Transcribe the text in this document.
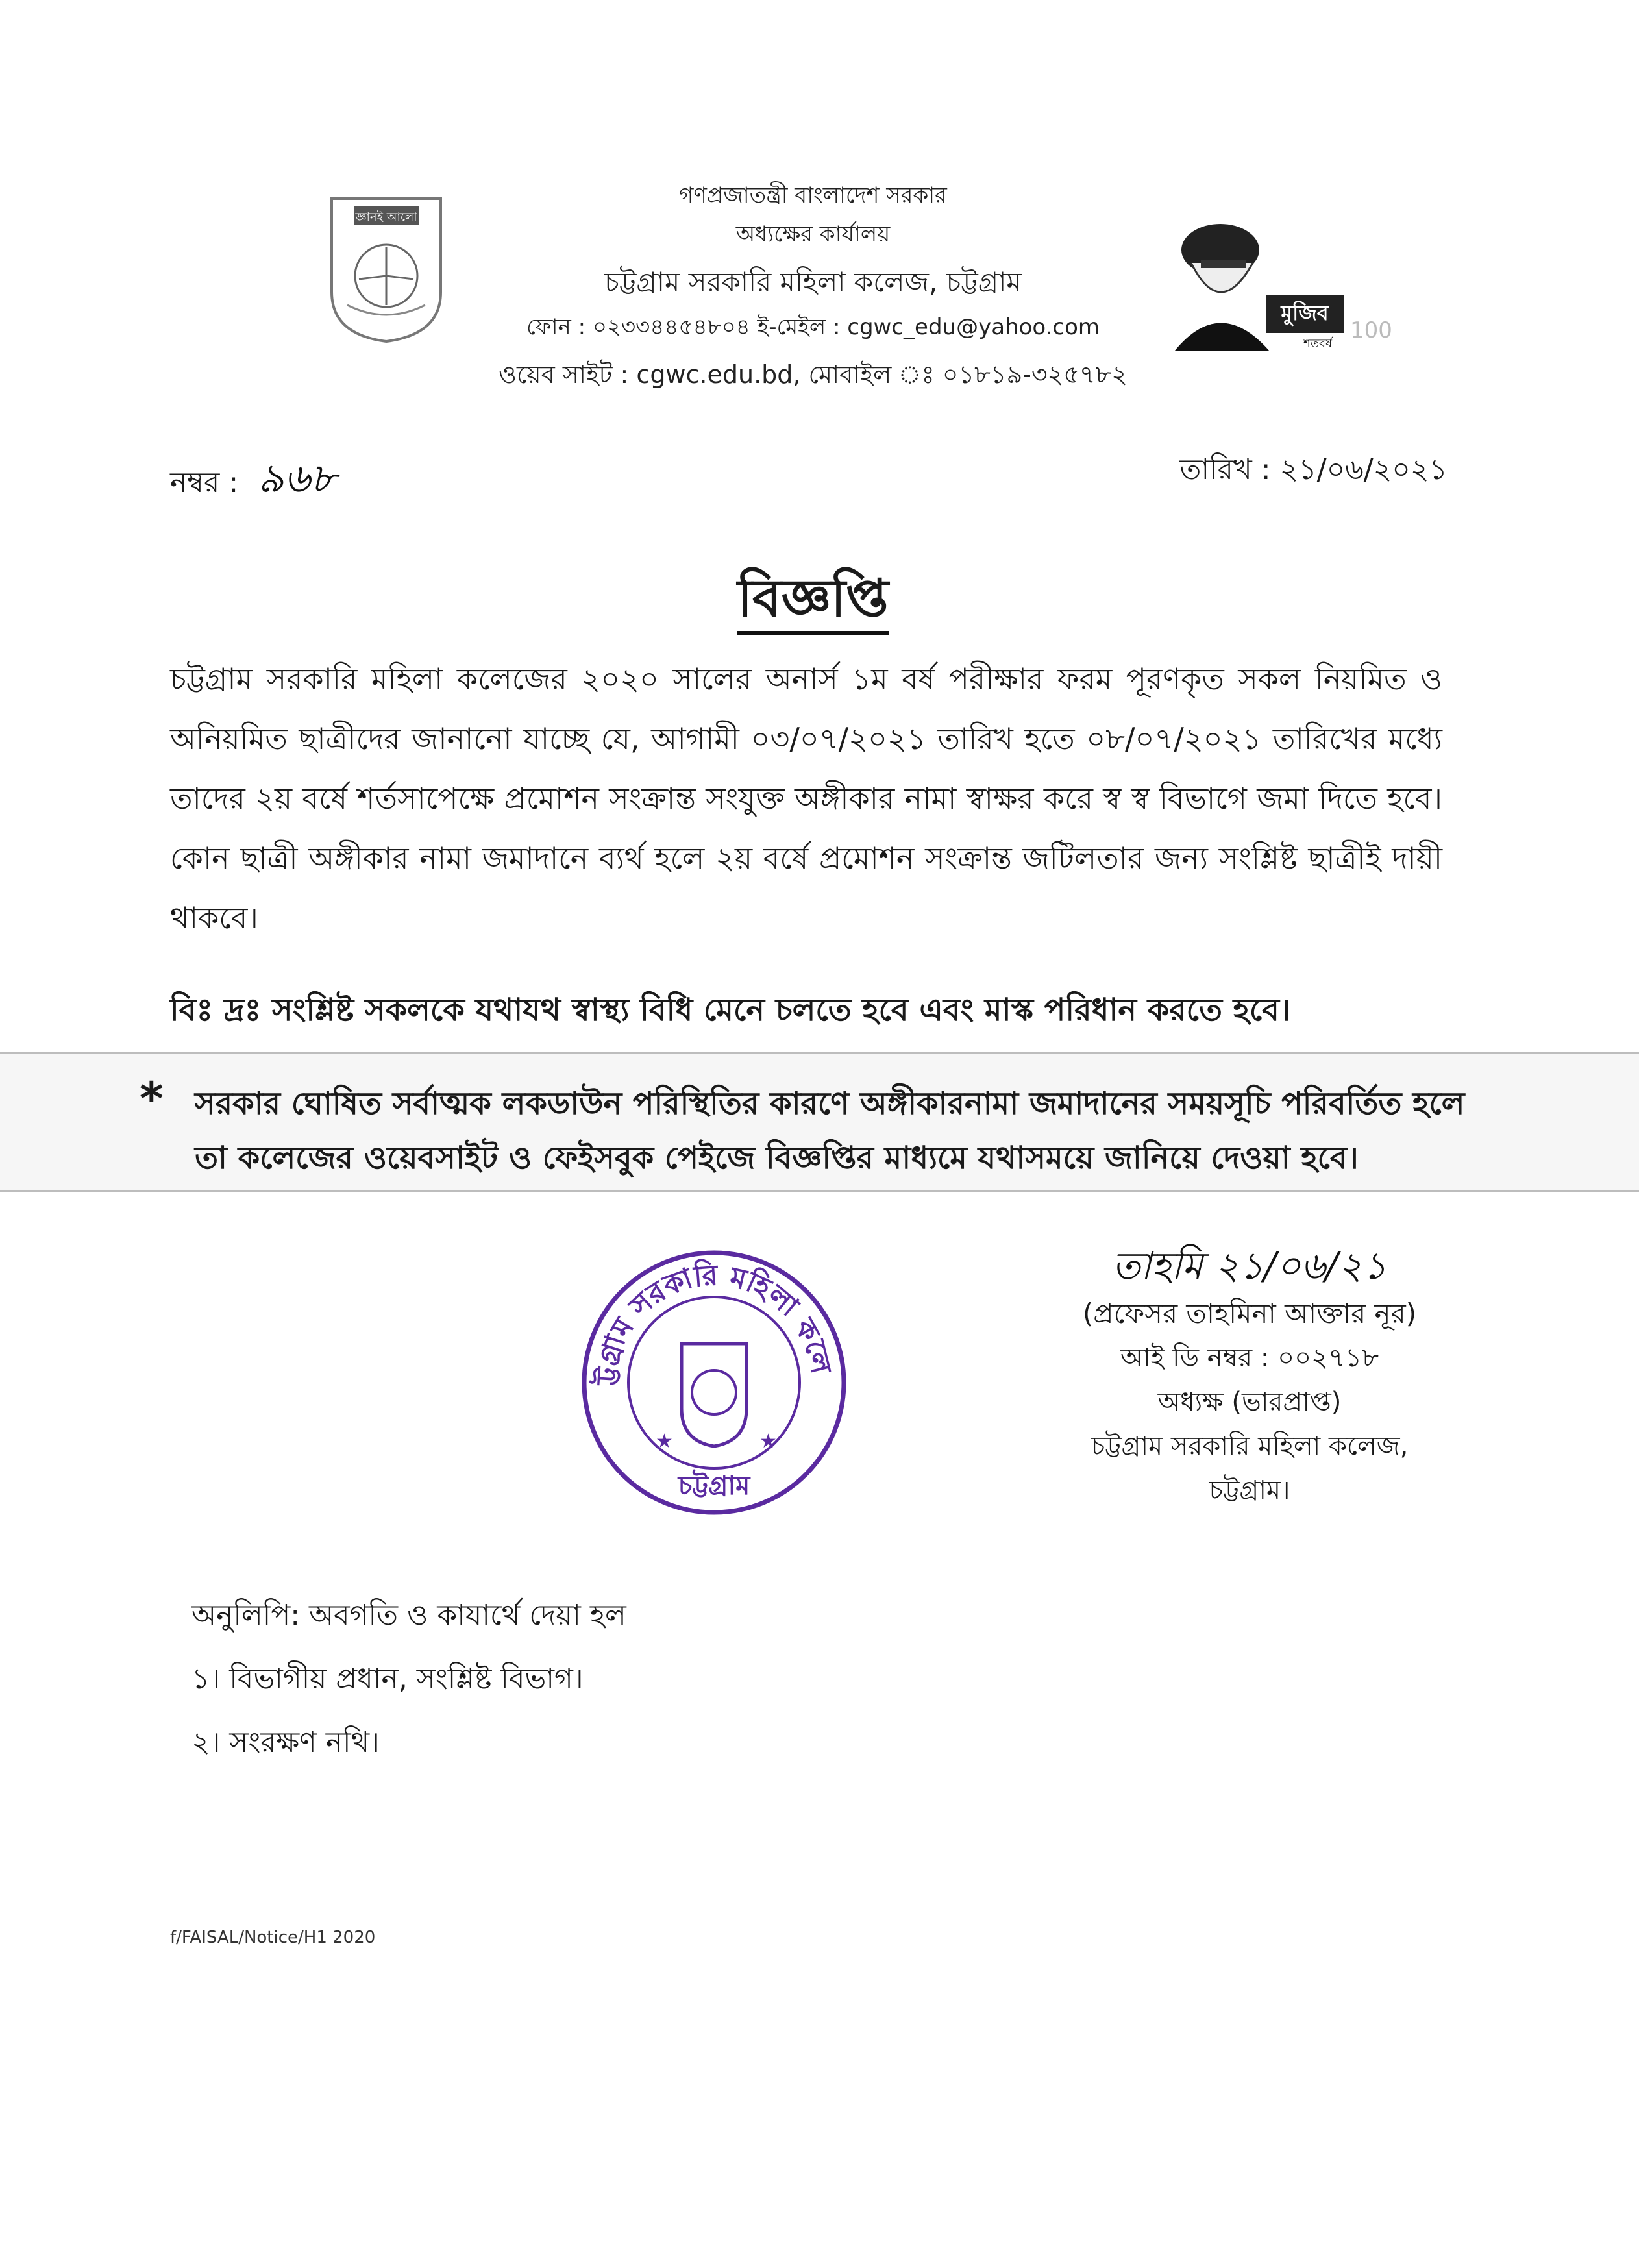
জ্ঞানই আলো
গণপ্রজাতন্ত্রী বাংলাদেশ সরকার
অধ্যক্ষের কার্যালয়
চট্টগ্রাম সরকারি মহিলা কলেজ, চট্টগ্রাম
ফোন : ০২৩৩৪৪৫৪৮০৪ ই-মেইল : cgwc_edu@yahoo.com
ওয়েব সাইট : cgwc.edu.bd, মোবাইল ঃ ০১৮১৯-৩২৫৭৮২
মুজিব
শতবর্ষ
100
নম্বর : ৯৬৮	তারিখ : ২১/০৬/২০২১
বিজ্ঞপ্তি
চট্টগ্রাম সরকারি মহিলা কলেজের ২০২০ সালের অনার্স ১ম বর্ষ পরীক্ষার ফরম পূরণকৃত সকল নিয়মিত ও অনিয়মিত ছাত্রীদের জানানো যাচ্ছে যে, আগামী ০৩/০৭/২০২১ তারিখ হতে ০৮/০৭/২০২১ তারিখের মধ্যে তাদের ২য় বর্ষে শর্তসাপেক্ষে প্রমোশন সংক্রান্ত সংযুক্ত অঙ্গীকার নামা স্বাক্ষর করে স্ব স্ব বিভাগে জমা দিতে হবে। কোন ছাত্রী অঙ্গীকার নামা জমাদানে ব্যর্থ হলে ২য় বর্ষে প্রমোশন সংক্রান্ত জটিলতার জন্য সংশ্লিষ্ট ছাত্রীই দায়ী থাকবে।
বিঃ দ্রঃ সংশ্লিষ্ট সকলকে যথাযথ স্বাস্থ্য বিধি মেনে চলতে হবে এবং মাস্ক পরিধান করতে হবে।
* সরকার ঘোষিত সর্বাত্মক লকডাউন পরিস্থিতির কারণে অঙ্গীকারনামা জমাদানের সময়সূচি পরিবর্তিত হলে তা কলেজের ওয়েবসাইট ও ফেইসবুক পেইজে বিজ্ঞপ্তির মাধ্যমে যথাসময়ে জানিয়ে দেওয়া হবে।
ট্টগ্রাম সরকারি মহিলা কলে
★	★
চট্টগ্রাম
তাহমি ২১/০৬/২১
(প্রফেসর তাহমিনা আক্তার নূর)
আই ডি নম্বর : ০০২৭১৮
অধ্যক্ষ (ভারপ্রাপ্ত)
চট্টগ্রাম সরকারি মহিলা কলেজ,
চট্টগ্রাম।
অনুলিপি: অবগতি ও কাযার্থে দেয়া হল
১। বিভাগীয় প্রধান, সংশ্লিষ্ট বিভাগ।
২। সংরক্ষণ নথি।
f/FAISAL/Notice/H1 2020
